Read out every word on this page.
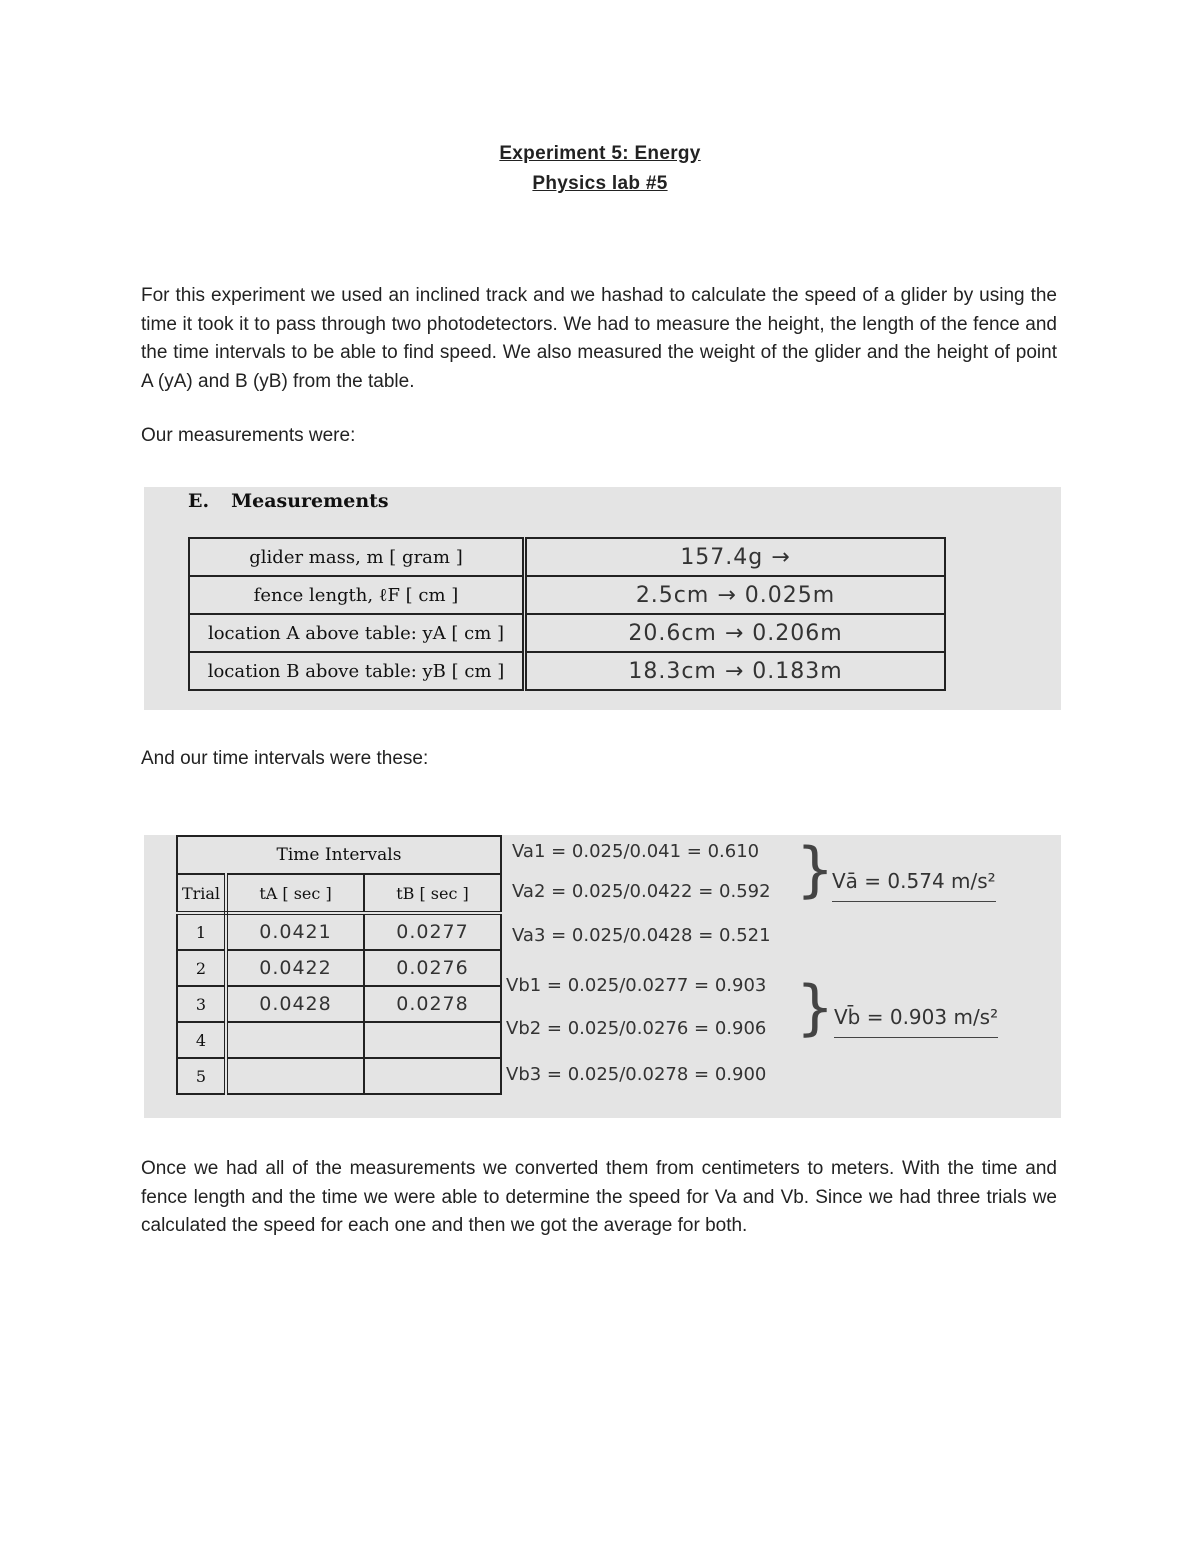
Experiment 5: Energy
Physics lab #5

For this experiment we used an inclined track and we hashad to calculate the speed of a glider by using the time it took it to pass through two photodetectors. We had to measure the height, the length of the fence and the time intervals to be able to find speed. We also measured the weight of the glider and the height of point A (yA) and B (yB) from the table.

Our measurements were:

E. Measurements
glider mass, m [ gram ]	157.4g →
fence length, ℓF [ cm ]	2.5cm → 0.025m
location A above table: yA [ cm ]	20.6cm → 0.206m
location B above table: yB [ cm ]	18.3cm → 0.183m

And our time intervals were these:

Time Intervals		
Trial	tA [ sec ]	tB [ sec ]
1	0.0421	0.0277
2	0.0422	0.0276
3	0.0428	0.0278
4		
5		
Va1 = 0.025/0.041 = 0.610
Va2 = 0.025/0.0422 = 0.592
Va3 = 0.025/0.0428 = 0.521
Vb1 = 0.025/0.0277 = 0.903
Vb2 = 0.025/0.0276 = 0.906
Vb3 = 0.025/0.0278 = 0.900
}
}
Vā = 0.574 m/s²
Vb̄ = 0.903 m/s²

Once we had all of the measurements we converted them from centimeters to meters. With the time and fence length and the time we were able to determine the speed for Va and Vb. Since we had three trials we calculated the speed for each one and then we got the average for both.
